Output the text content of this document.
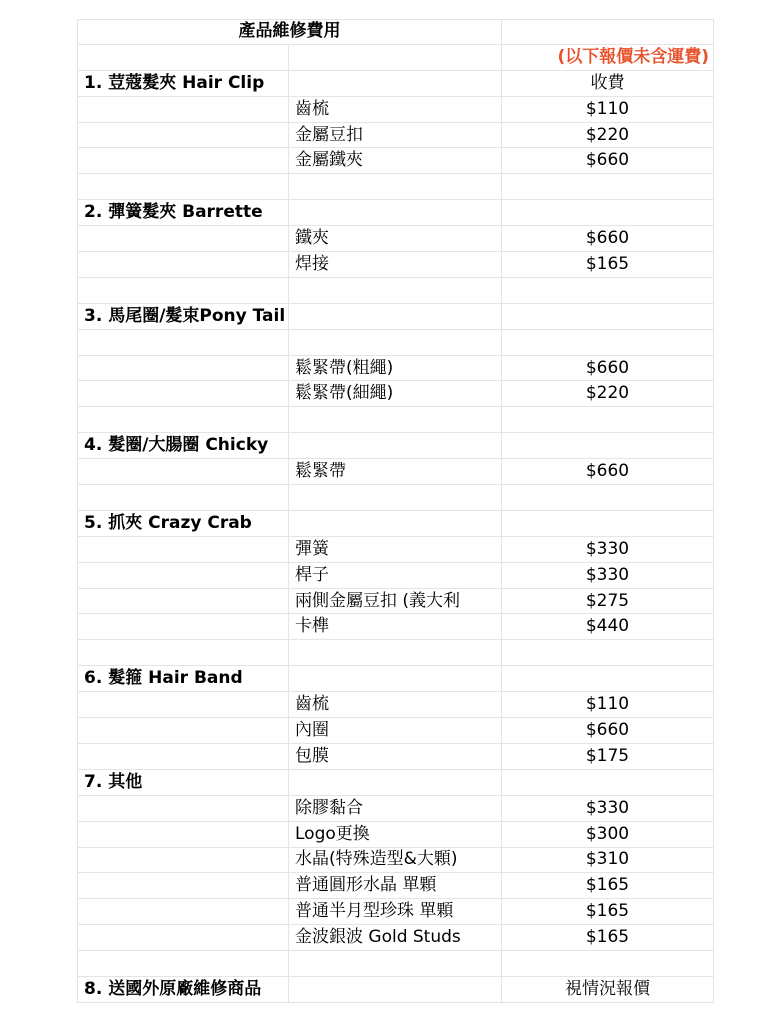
產品維修費用
(以下報價未含運費)
1. 荳蔻髮夾 Hair Clip	收費
齒梳	$110
金屬豆扣	$220
金屬鐵夾	$660
2. 彈簧髮夾 Barrette
鐵夾	$660
焊接	$165
3. 馬尾圈/髮束Pony Tail
鬆緊帶(粗繩)	$660
鬆緊帶(細繩)	$220
4. 髮圈/大腸圈 Chicky
鬆緊帶	$660
5. 抓夾 Crazy Crab
彈簧	$330
桿子	$330
兩側金屬豆扣 (義大利	$275
卡榫	$440
6. 髮箍 Hair Band
齒梳	$110
內圈	$660
包膜	$175
7. 其他
除膠黏合	$330
Logo更換	$300
水晶(特殊造型&大顆)	$310
普通圓形水晶 單顆	$165
普通半月型珍珠 單顆	$165
金波銀波 Gold Studs	$165
8. 送國外原廠維修商品	視情況報價
